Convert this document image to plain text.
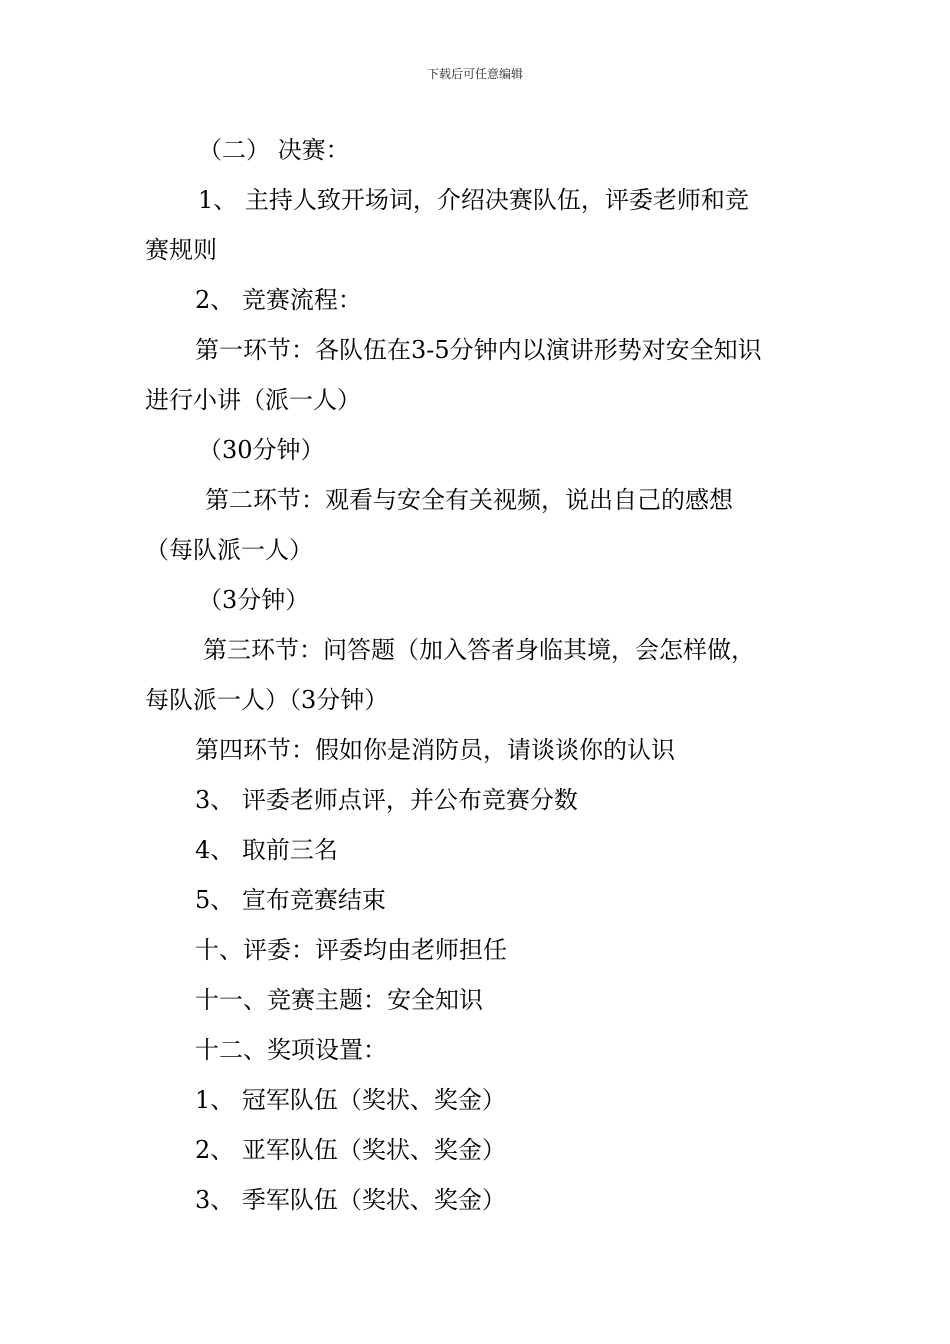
下载后可任意编辑
（二） 决赛：
1、 主持人致开场词，介绍决赛队伍，评委老师和竞
赛规则
2、 竞赛流程：
第一环节：各队伍在3-5分钟内以演讲形势对安全知识
进行小讲（派一人）
（30分钟）
第二环节：观看与安全有关视频，说出自己的感想
（每队派一人）
（3分钟）
第三环节：问答题（加入答者身临其境，会怎样做，
每队派一人）（3分钟）
第四环节：假如你是消防员，请谈谈你的认识
3、 评委老师点评，并公布竞赛分数
4、 取前三名
5、 宣布竞赛结束
十、评委：评委均由老师担任
十一、竞赛主题：安全知识
十二、奖项设置：
1、 冠军队伍（奖状、奖金）
2、 亚军队伍（奖状、奖金）
3、 季军队伍（奖状、奖金）
